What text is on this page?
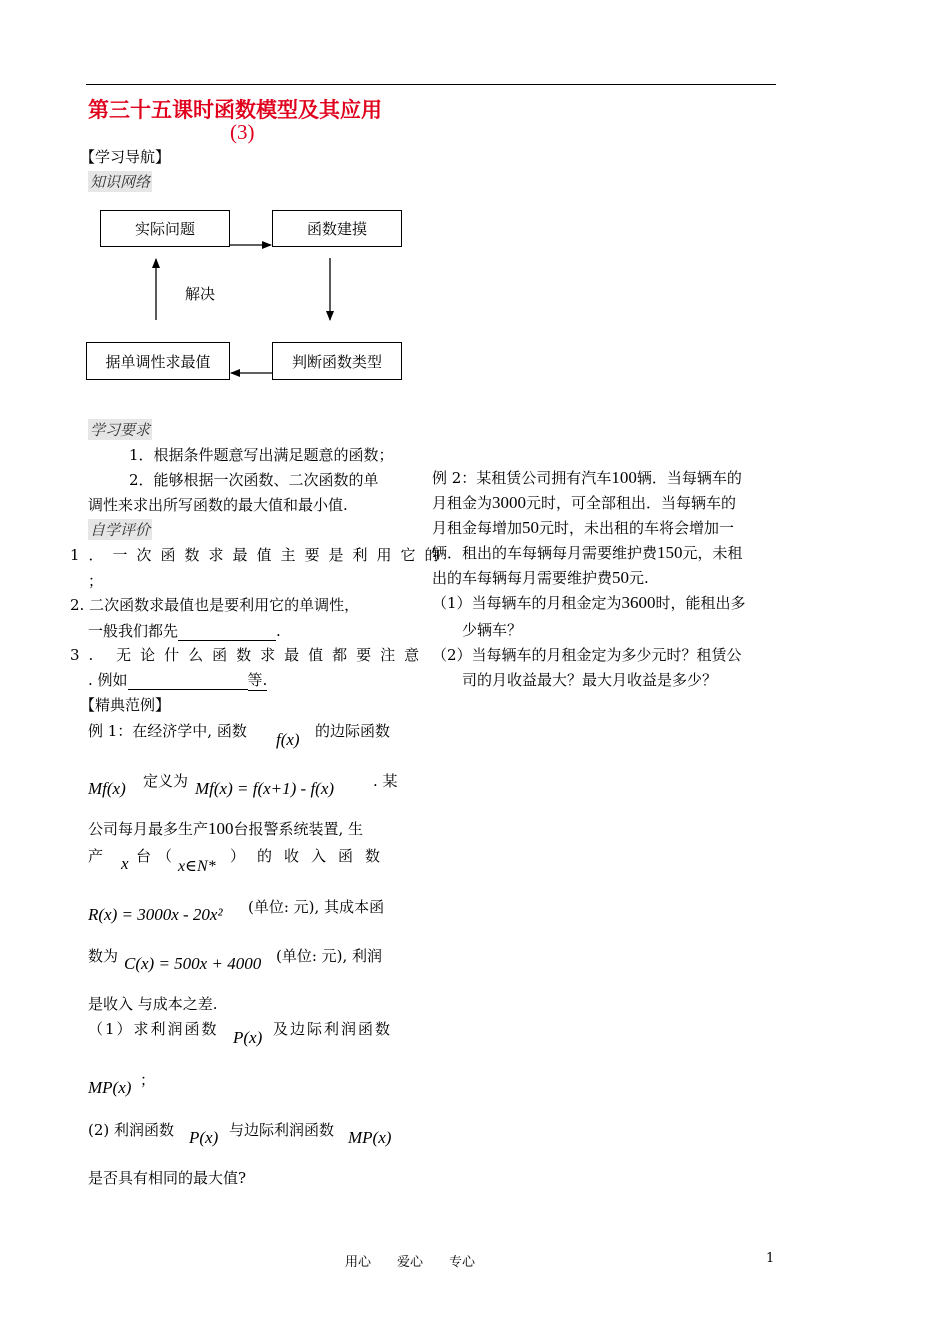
第三十五课时函数模型及其应用
(3)
【学习导航】
知识网络
实际问题	函数建摸
判断函数类型
据单调性求最值
解决
学习要求
1．根据条件题意写出满足题意的函数；
2．能够根据一次函数、二次函数的单
调性来求出所写函数的最大值和最小值.
自学评价
1．一次函数求最值主要是利用它的
；
2. 二次函数求最值也是要利用它的单调性，
一般我们都先	.
3. 无论什么函数求最值都要注意
. 例如	等.
【精典范例】
例 1：在经济学中, 函数 f(x) 的边际函数
Mf(x) 定义为 Mf(x) = f(x+1) - f(x)	. 某
公司每月最多生产100台报警系统装置, 生
产 x 台（
x∈N*
）的收入函数
R(x) = 3000x - 20x² (单位: 元), 其成本函
数为 C(x) = 500x + 4000 (单位: 元), 利润
是收入 与成本之差.
（1）求利润函数 P(x) 及边际利润函数
MP(x) ；
(2) 利润函数 P(x) 与边际利润函数 MP(x)
是否具有相同的最大值?
例 2：某租赁公司拥有汽车100辆．当每辆车的
月租金为3000元时，可全部租出．当每辆车的
月租金每增加50元时，未出租的车将会增加一
辆．租出的车每辆每月需要维护费150元，未租
出的车每辆每月需要维护费50元.
（1）当每辆车的月租金定为3600时，能租出多
少辆车？
（2）当每辆车的月租金定为多少元时？租赁公
司的月收益最大？最大月收益是多少？
用心　　爱心　　专心	1
